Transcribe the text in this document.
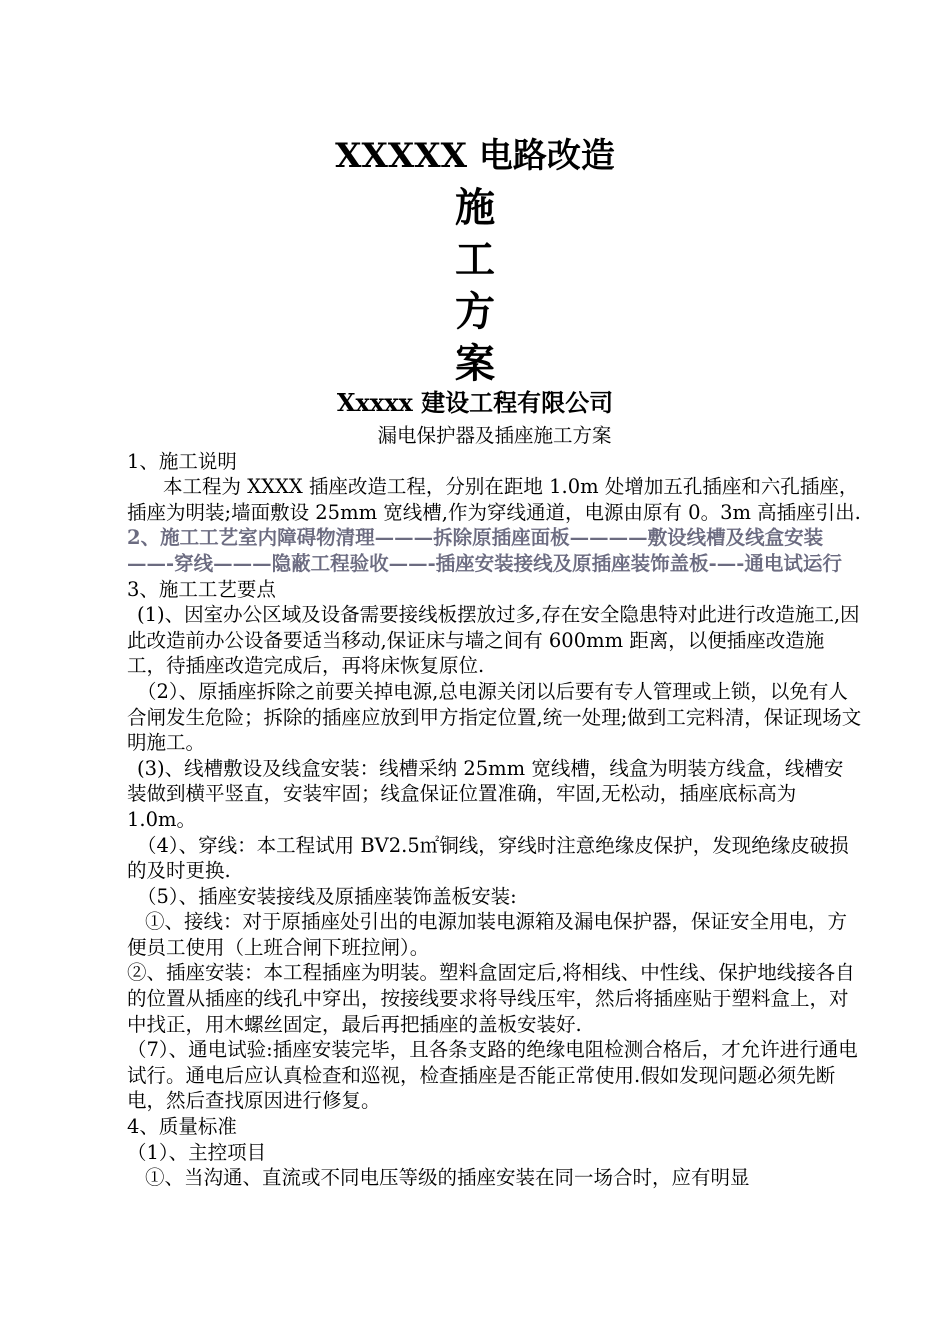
XXXXX 电路改造
施
工
方
案
Xxxxx 建设工程有限公司

漏电保护器及插座施工方案

1、施工说明

本工程为 XXXX 插座改造工程，分别在距地 1.0m 处增加五孔插座和六孔插座，插座为明装;墙面敷设 25mm 宽线槽,作为穿线通道，电源由原有 0。3m 高插座引出.

2、施工工艺室内障碍物清理———拆除原插座面板————敷设线槽及线盒安装——-穿线———隐蔽工程验收——-插座安装接线及原插座装饰盖板-—-通电试运行

3、施工工艺要点

(1)、因室办公区域及设备需要接线板摆放过多,存在安全隐患特对此进行改造施工,因此改造前办公设备要适当移动,保证床与墙之间有 600mm 距离，以便插座改造施工，待插座改造完成后，再将床恢复原位.

（2）、原插座拆除之前要关掉电源,总电源关闭以后要有专人管理或上锁，以免有人合闸发生危险；拆除的插座应放到甲方指定位置,统一处理;做到工完料清，保证现场文明施工。

(3)、线槽敷设及线盒安装：线槽采纳 25mm 宽线槽，线盒为明装方线盒，线槽安装做到横平竖直，安装牢固；线盒保证位置准确，牢固,无松动，插座底标高为 1.0m。

（4）、穿线：本工程试用 BV2.5㎡铜线，穿线时注意绝缘皮保护，发现绝缘皮破损的及时更换.

（5）、插座安装接线及原插座装饰盖板安装:

①、接线：对于原插座处引出的电源加装电源箱及漏电保护器，保证安全用电，方便员工使用（上班合闸下班拉闸）。

②、插座安装：本工程插座为明装。塑料盒固定后,将相线、中性线、保护地线接各自的位置从插座的线孔中穿出，按接线要求将导线压牢，然后将插座贴于塑料盒上，对中找正，用木螺丝固定，最后再把插座的盖板安装好.

（7）、通电试验:插座安装完毕，且各条支路的绝缘电阻检测合格后，才允许进行通电试行。通电后应认真检查和巡视，检查插座是否能正常使用.假如发现问题必须先断电，然后查找原因进行修复。

4、质量标准

（1）、主控项目

①、当沟通、直流或不同电压等级的插座安装在同一场合时，应有明显
